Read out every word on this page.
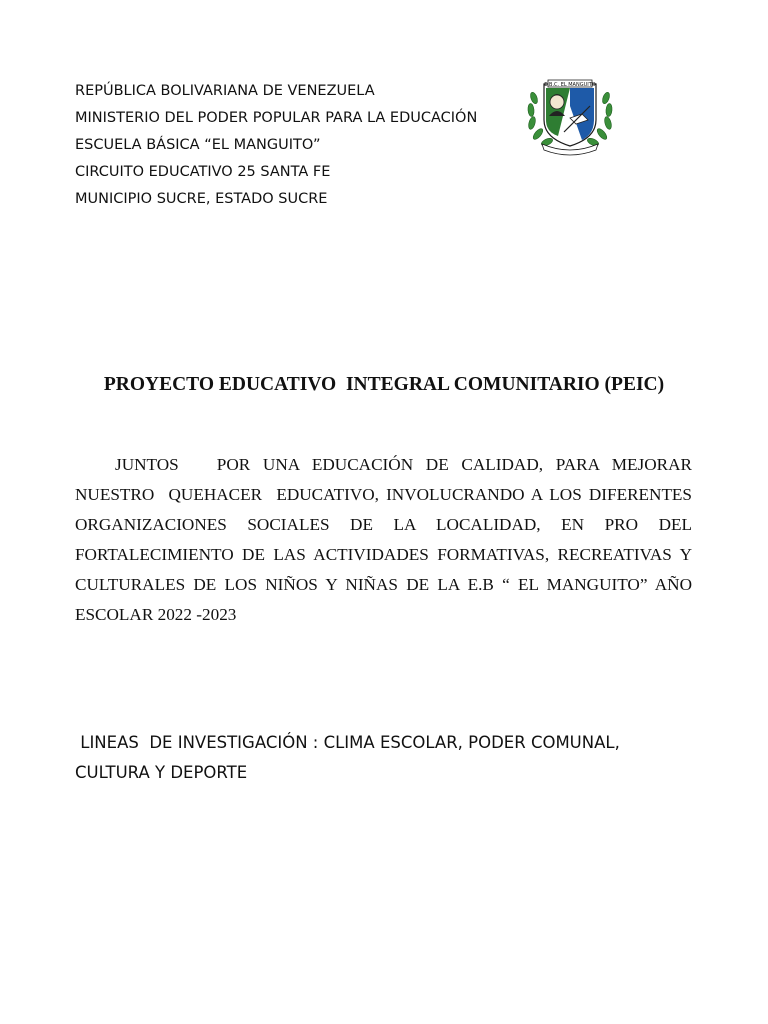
REPÚBLICA BOLIVARIANA DE VENEZUELA
MINISTERIO DEL PODER POPULAR PARA LA EDUCACIÓN
ESCUELA BÁSICA “EL MANGUITO”
CIRCUITO EDUCATIVO 25 SANTA FE
MUNICIPIO SUCRE, ESTADO SUCRE
E.B.C. EL MANGUITO
PROYECTO EDUCATIVO  INTEGRAL COMUNITARIO (PEIC)
JUNTOS   POR UNA EDUCACIÓN DE CALIDAD, PARA MEJORAR NUESTRO  QUEHACER  EDUCATIVO, INVOLUCRANDO A LOS DIFERENTES ORGANIZACIONES SOCIALES DE LA LOCALIDAD, EN PRO DEL FORTALECIMIENTO DE LAS ACTIVIDADES FORMATIVAS, RECREATIVAS Y CULTURALES DE LOS NIÑOS Y NIÑAS DE LA E.B “ EL MANGUITO” AÑO ESCOLAR 2022 -2023
LINEAS  DE INVESTIGACIÓN : CLIMA ESCOLAR, PODER COMUNAL, CULTURA Y DEPORTE
